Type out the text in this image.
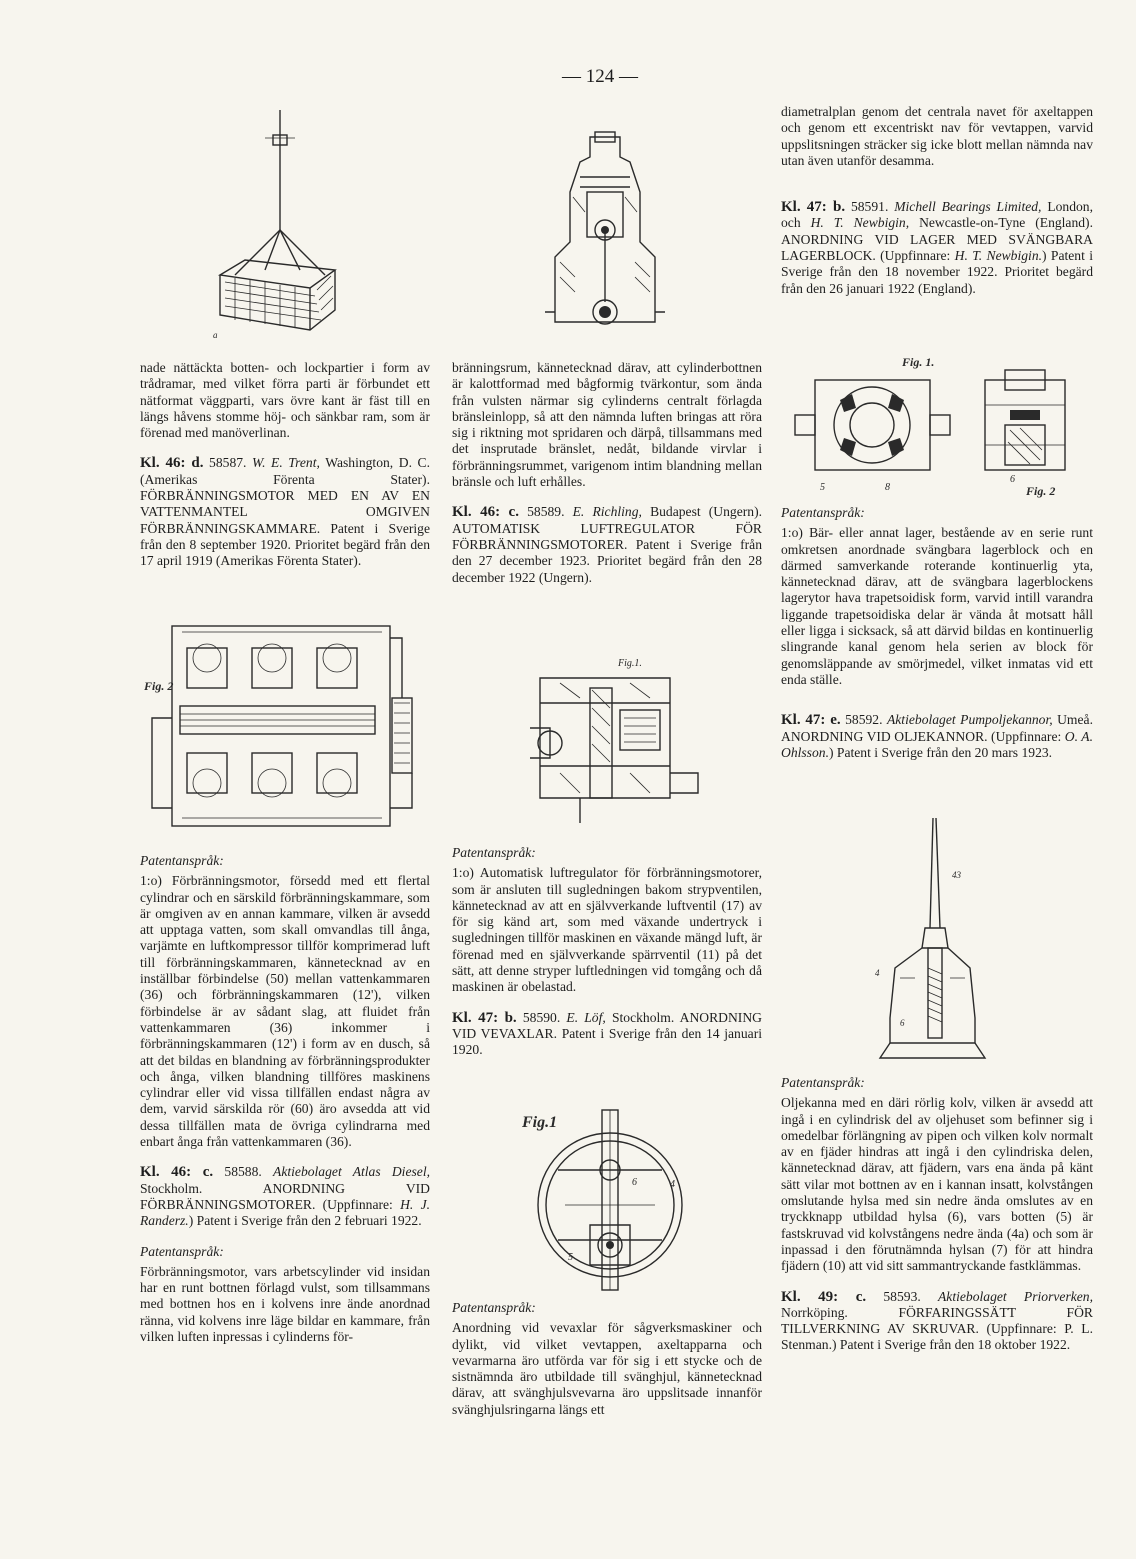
— 124 —
a

nade nättäckta botten- och lockpartier i form av trådramar, med vilket förra parti är förbundet ett nätformat väggparti, vars övre kant är fäst till en längs håvens stomme höj- och sänkbar ram, som är förenad med manöverlinan.

Kl. 46: d. 58587. W. E. Trent, Washington, D. C. (Amerikas Förenta Stater). FÖRBRÄNNINGSMOTOR MED EN AV EN VATTENMANTEL OMGIVEN FÖRBRÄNNINGSKAMMARE. Patent i Sverige från den 8 september 1920. Prioritet begärd från den 17 april 1919 (Amerikas Förenta Stater).

Fig. 2

Patentanspråk:

1:o) Förbränningsmotor, försedd med ett flertal cylindrar och en särskild förbränningskammare, som är omgiven av en annan kammare, vilken är avsedd att upptaga vatten, som skall omvandlas till ånga, varjämte en luftkompressor tillför komprimerad luft till förbränningskammaren, kännetecknad av en inställbar förbindelse (50) mellan vattenkammaren (36) och förbränningskammaren (12'), vilken förbindelse är av sådant slag, att fluidet från vattenkammaren (36) inkommer i förbränningskammaren (12') i form av en dusch, så att det bildas en blandning av förbränningsprodukter och ånga, vilken blandning tillföres maskinens cylindrar eller vid vissa tillfällen endast några av dem, varvid särskilda rör (60) äro avsedda att vid dessa tillfällen mata de övriga cylindrarna med enbart ånga från vattenkammaren (36).

Kl. 46: c. 58588. Aktiebolaget Atlas Diesel, Stockholm. ANORDNING VID FÖRBRÄNNINGSMOTORER. (Uppfinnare: H. J. Randerz.) Patent i Sverige från den 2 februari 1922.

Patentanspråk:

Förbränningsmotor, vars arbetscylinder vid insidan har en runt bottnen förlagd vulst, som tillsammans med bottnen hos en i kolvens inre ände anordnad ränna, vid kolvens inre läge bildar en kammare, från vilken luften inpressas i cylinderns för-

bränningsrum, kännetecknad därav, att cylinderbottnen är kalottformad med bågformig tvärkontur, som ända från vulsten närmar sig cylinderns centralt förlagda bränsleinlopp, så att den nämnda luften bringas att röra sig i riktning mot spridaren och därpå, tillsammans med det insprutade bränslet, nedåt, bildande virvlar i förbränningsrummet, varigenom intim blandning mellan bränsle och luft erhålles.

Kl. 46: c. 58589. E. Richling, Budapest (Ungern). AUTOMATISK LUFTREGULATOR FÖR FÖRBRÄNNINGSMOTORER. Patent i Sverige från den 27 december 1923. Prioritet begärd från den 28 december 1922 (Ungern).

Fig.1.

Patentanspråk:

1:o) Automatisk luftregulator för förbränningsmotorer, som är ansluten till sugledningen bakom strypventilen, kännetecknad av att en självverkande luftventil (17) av för sig känd art, som med växande undertryck i sugledningen tillför maskinen en växande mängd luft, är förenad med en självverkande spärrventil (11) på det sätt, att denne stryper luftledningen vid tomgång och då maskinen är obelastad.

Kl. 47: b. 58590. E. Löf, Stockholm. ANORDNING VID VEVAXLAR. Patent i Sverige från den 14 januari 1920.

Fig.1
6	4
5

Patentanspråk:

Anordning vid vevaxlar för sågverksmaskiner och dylikt, vid vilket vevtappen, axeltapparna och vevarmarna äro utförda var för sig i ett stycke och de sistnämnda äro utbildade till svänghjul, kännetecknad därav, att svänghjulsvevarna äro uppslitsade innanför svänghjulsringarna längs ett

diametralplan genom det centrala navet för axeltappen och genom ett excentriskt nav för vevtappen, varvid uppslitsningen sträcker sig icke blott mellan nämnda nav utan även utanför desamma.

Kl. 47: b. 58591. Michell Bearings Limited, London, och H. T. Newbigin, Newcastle-on-Tyne (England). ANORDNING VID LAGER MED SVÄNGBARA LAGERBLOCK. (Uppfinnare: H. T. Newbigin.) Patent i Sverige från den 18 november 1922. Prioritet begärd från den 26 januari 1922 (England).

Fig. 1.
5	8
6
Fig. 2

Patentanspråk:

1:o) Bär- eller annat lager, bestående av en serie runt omkretsen anordnade svängbara lagerblock och en därmed samverkande roterande kontinuerlig yta, kännetecknad därav, att de svängbara lagerblockens lagerytor hava trapetsoidisk form, varvid intill varandra liggande trapetsoidiska delar är vända åt motsatt håll eller ligga i sicksack, så att därvid bildas en kontinuerlig slingrande kanal genom hela serien av block för genomsläppande av smörjmedel, vilket inmatas vid ett enda ställe.

Kl. 47: e. 58592. Aktiebolaget Pumpoljekannor, Umeå. ANORDNING VID OLJEKANNOR. (Uppfinnare: O. A. Ohlsson.) Patent i Sverige från den 20 mars 1923.

43
4
6

Patentanspråk:

Oljekanna med en däri rörlig kolv, vilken är avsedd att ingå i en cylindrisk del av oljehuset som befinner sig i omedelbar förlängning av pipen och vilken kolv normalt av en fjäder hindras att ingå i den cylindriska delen, kännetecknad därav, att fjädern, vars ena ända på känt sätt vilar mot bottnen av en i kannan insatt, kolvstången omslutande hylsa med sin nedre ända omslutes av en tryckknapp utbildad hylsa (6), vars botten (5) är fastskruvad vid kolvstångens nedre ända (4a) och som är inpassad i den förutnämnda hylsan (7) för att hindra fjädern (10) att vid sitt sammantryckande fastklämmas.

Kl. 49: c. 58593. Aktiebolaget Priorverken, Norrköping. FÖRFARINGSSÄTT FÖR TILLVERKNING AV SKRUVAR. (Uppfinnare: P. L. Stenman.) Patent i Sverige från den 18 oktober 1922.
